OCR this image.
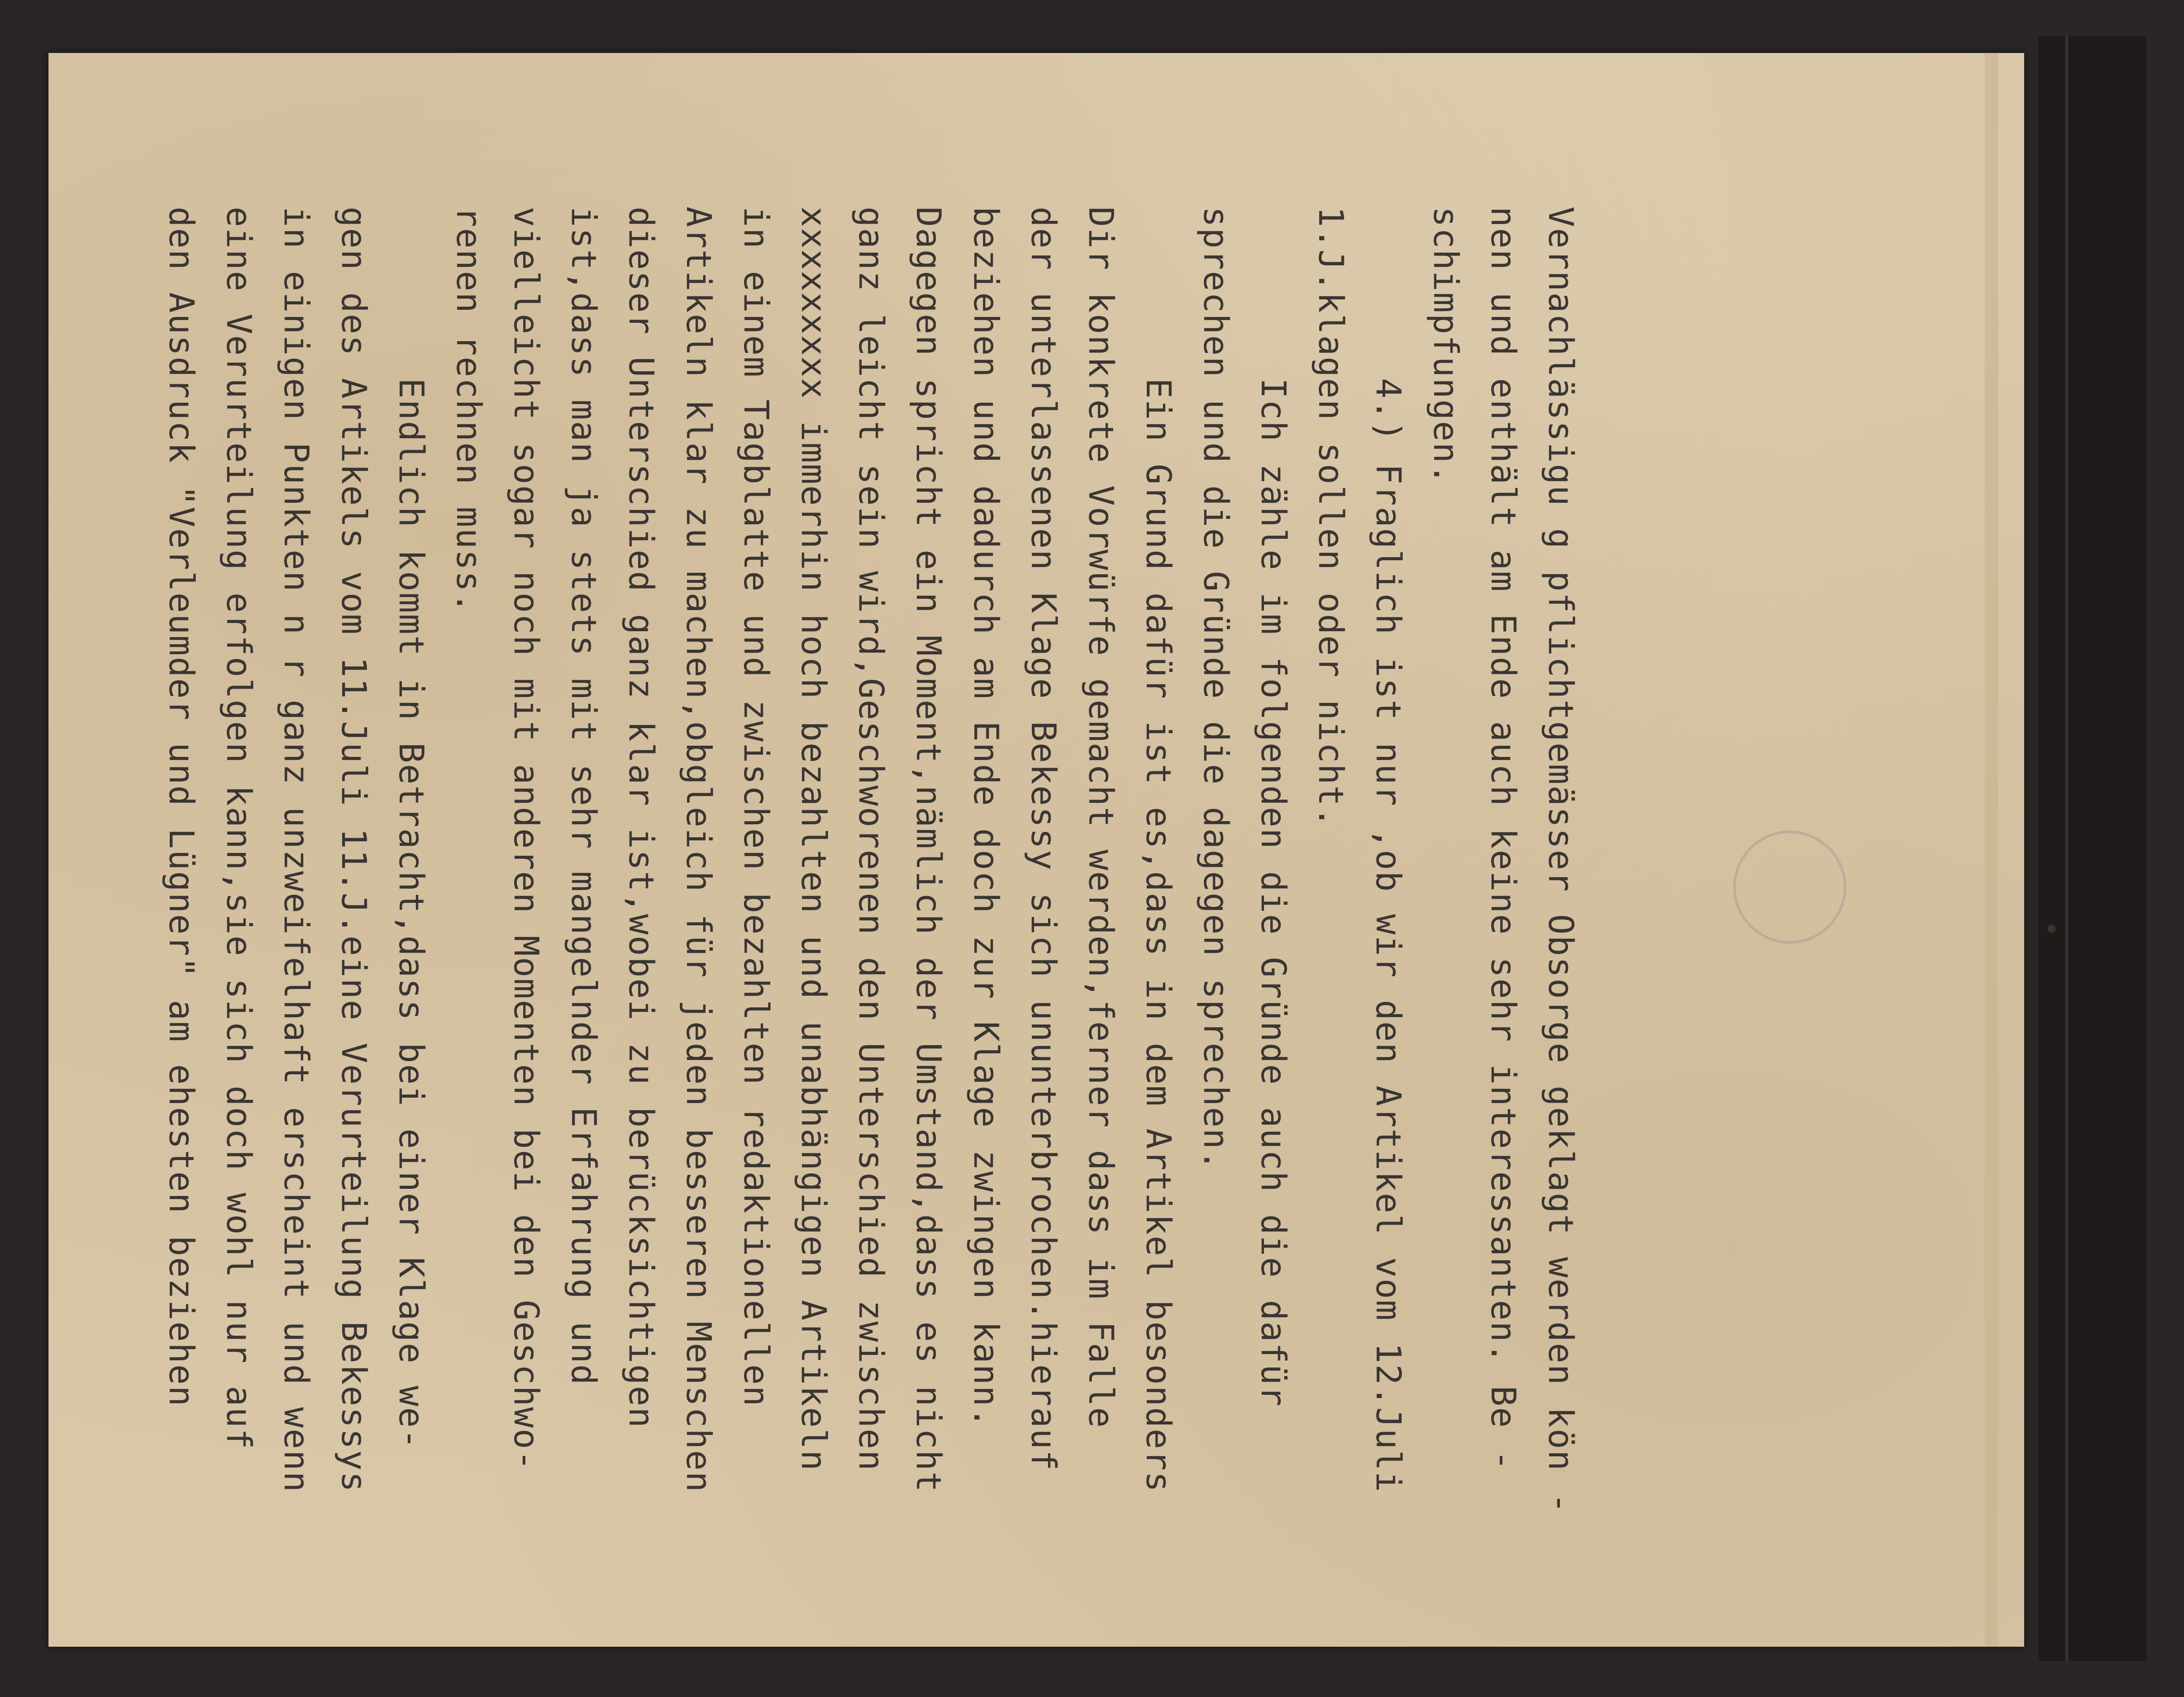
Vernachlässigu g pflichtgemässer Obsorge geklagt werden kön -
nen und enthält am Ende auch keine sehr interessanten. Be -
schimpfungen.
4.) Fraglich ist nur ,ob wir den Artikel vom 12.Juli
1.J.klagen sollen oder nicht.
Ich zähle im folgenden die Gründe auch die dafür
sprechen und die Gründe die dagegen sprechen.
Ein Grund dafür ist es,dass in dem Artikel besonders
Dir konkrete Vorwürfe gemacht werden,ferner dass im Falle
der unterlassenen Klage Bekessy sich ununterbrochen.hierauf
beziehen und dadurch am Ende doch zur Klage zwingen kann.
Dagegen spricht ein Moment,nämlich der Umstand,dass es nicht
ganz leicht sein wird,Geschworenen den Unterschied zwischen
xxxxxxxxx immerhin hoch bezahlten und unabhängigen Artikeln
in einem Tagblatte und zwischen bezahlten redaktionellen
Artikeln klar zu machen,obgleich für jeden besseren Menschen
dieser Unterschied ganz klar ist,wobei zu berücksichtigen
ist,dass man ja stets mit sehr mangelnder Erfahrung und
vielleicht sogar noch mit anderen Momenten bei den Geschwo-
renen rechnen muss.
Endlich kommt in Betracht,dass bei einer Klage we-
gen des Artikels vom 11.Juli 11.J.eine Verurteilung Bekessys
in einigen Punkten n r ganz unzweifelhaft erscheint und wenn
eine Verurteilung erfolgen kann,sie sich doch wohl nur auf
den Ausdruck "Verleumder und Lügner" am ehesten beziehen
